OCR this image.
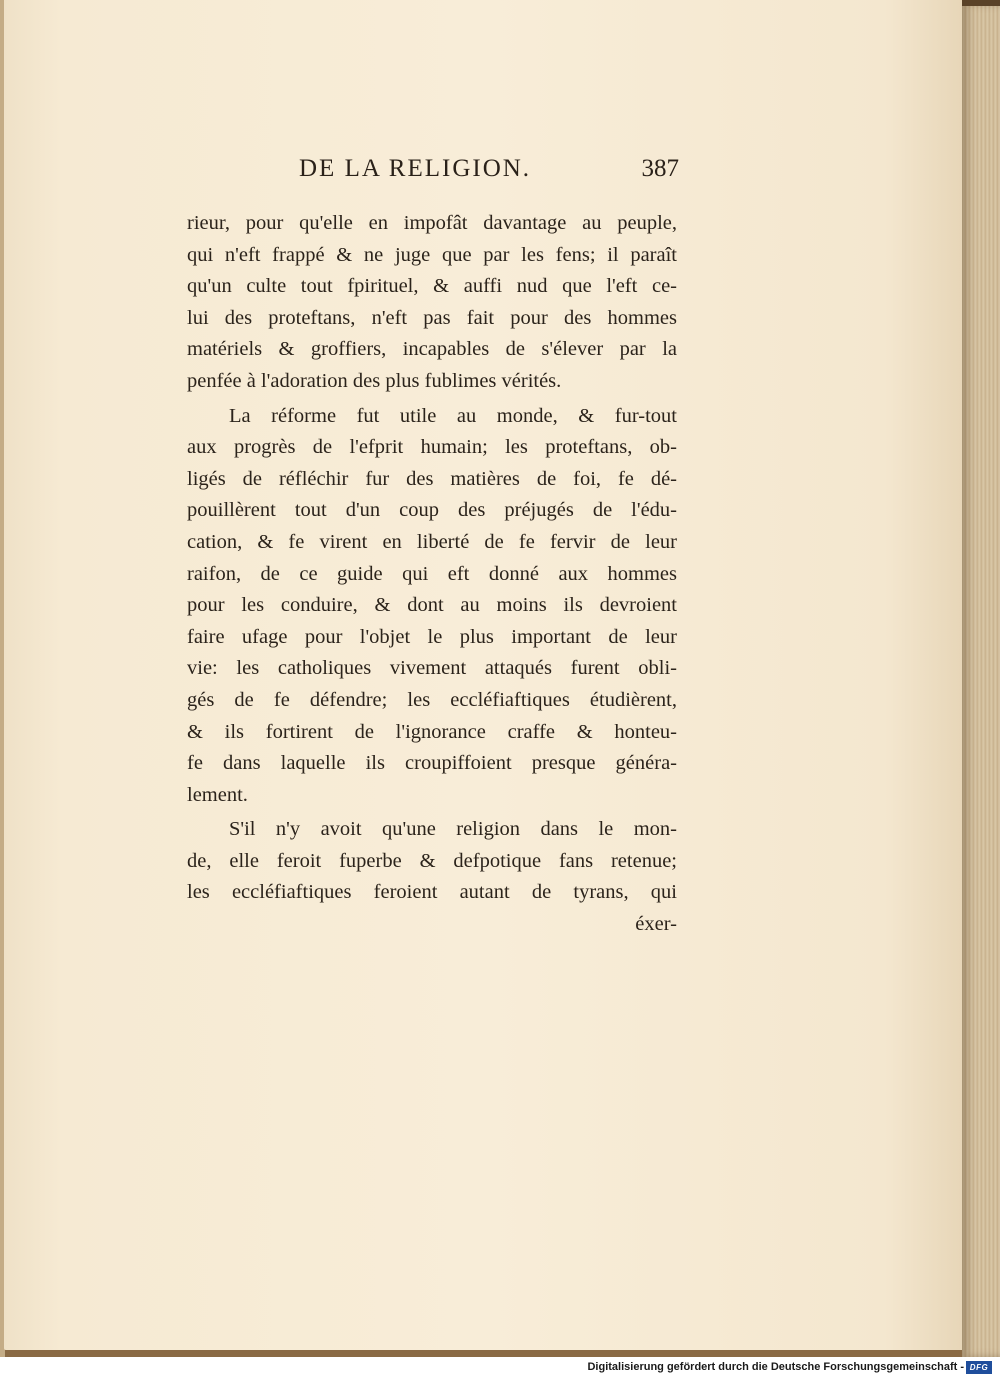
DE LA RELIGION.	387
rieur, pour qu'elle en impofât davantage au peuple,
qui n'eft frappé & ne juge que par les fens; il paraît
qu'un culte tout fpirituel, & auffi nud que l'eft ce-
lui des proteftans, n'eft pas fait pour des hommes
matériels & groffiers, incapables de s'élever par la
penfée à l'adoration des plus fublimes vérités.
La réforme fut utile au monde, & fur-tout
aux progrès de l'efprit humain; les proteftans, ob-
ligés de réfléchir fur des matières de foi, fe dé-
pouillèrent tout d'un coup des préjugés de l'édu-
cation, & fe virent en liberté de fe fervir de leur
raifon, de ce guide qui eft donné aux hommes
pour les conduire, & dont au moins ils devroient
faire ufage pour l'objet le plus important de leur
vie: les catholiques vivement attaqués furent obli-
gés de fe défendre; les eccléfiaftiques étudièrent,
& ils fortirent de l'ignorance craffe & honteu-
fe dans laquelle ils croupiffoient presque généra-
lement.
S'il n'y avoit qu'une religion dans le mon-
de, elle feroit fuperbe & defpotique fans retenue;
les eccléfiaftiques feroient autant de tyrans, qui
éxer-
Digitalisierung gefördert durch die Deutsche Forschungsgemeinschaft - DFG
